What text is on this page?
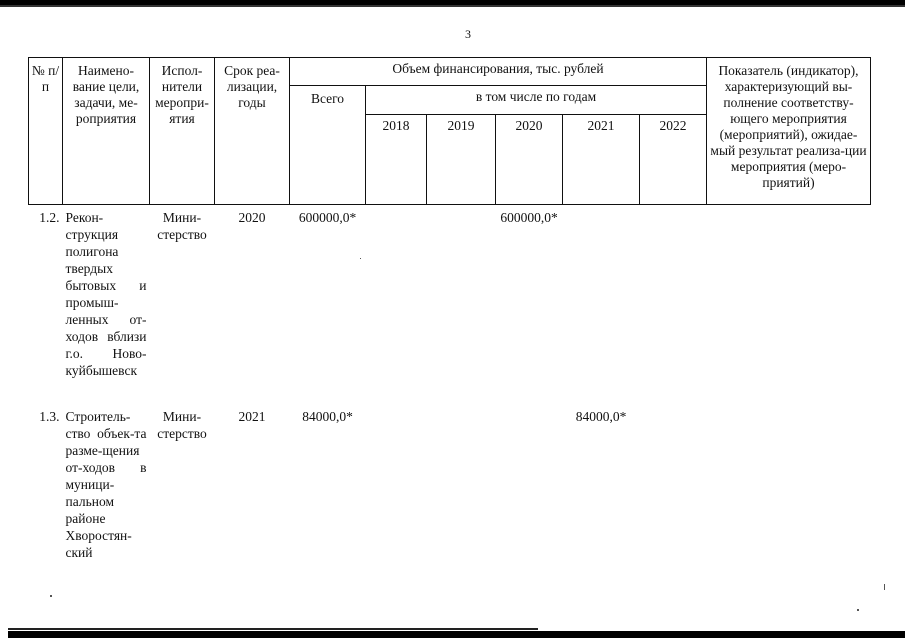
3
№ п/п	Наимено-вание цели, задачи, ме-роприятия	Испол-нители меропри-ятия	Срок реа-лизации, годы	Объем финансирования, тыс. рублей						Показатель (индикатор), характеризующий вы-полнение соответству-ющего мероприятия (мероприятий), ожидае-мый результат реализа-ции мероприятия (меро-приятий)
				Всего	в том числе по годам					
					2018	2019	2020	2021	2022	
1.2.	Рекон-струкция полигона твердых бытовых и промыш-ленных от-ходов вблизи г.о. Ново-куйбышевск	Мини-стерство	2020	600000,0*			600000,0*			
1.3.	Строитель-ство объек-та разме-щения от-ходов в муници-пальном районе Хворостян-ский	Мини-стерство	2021	84000,0*				84000,0*		
